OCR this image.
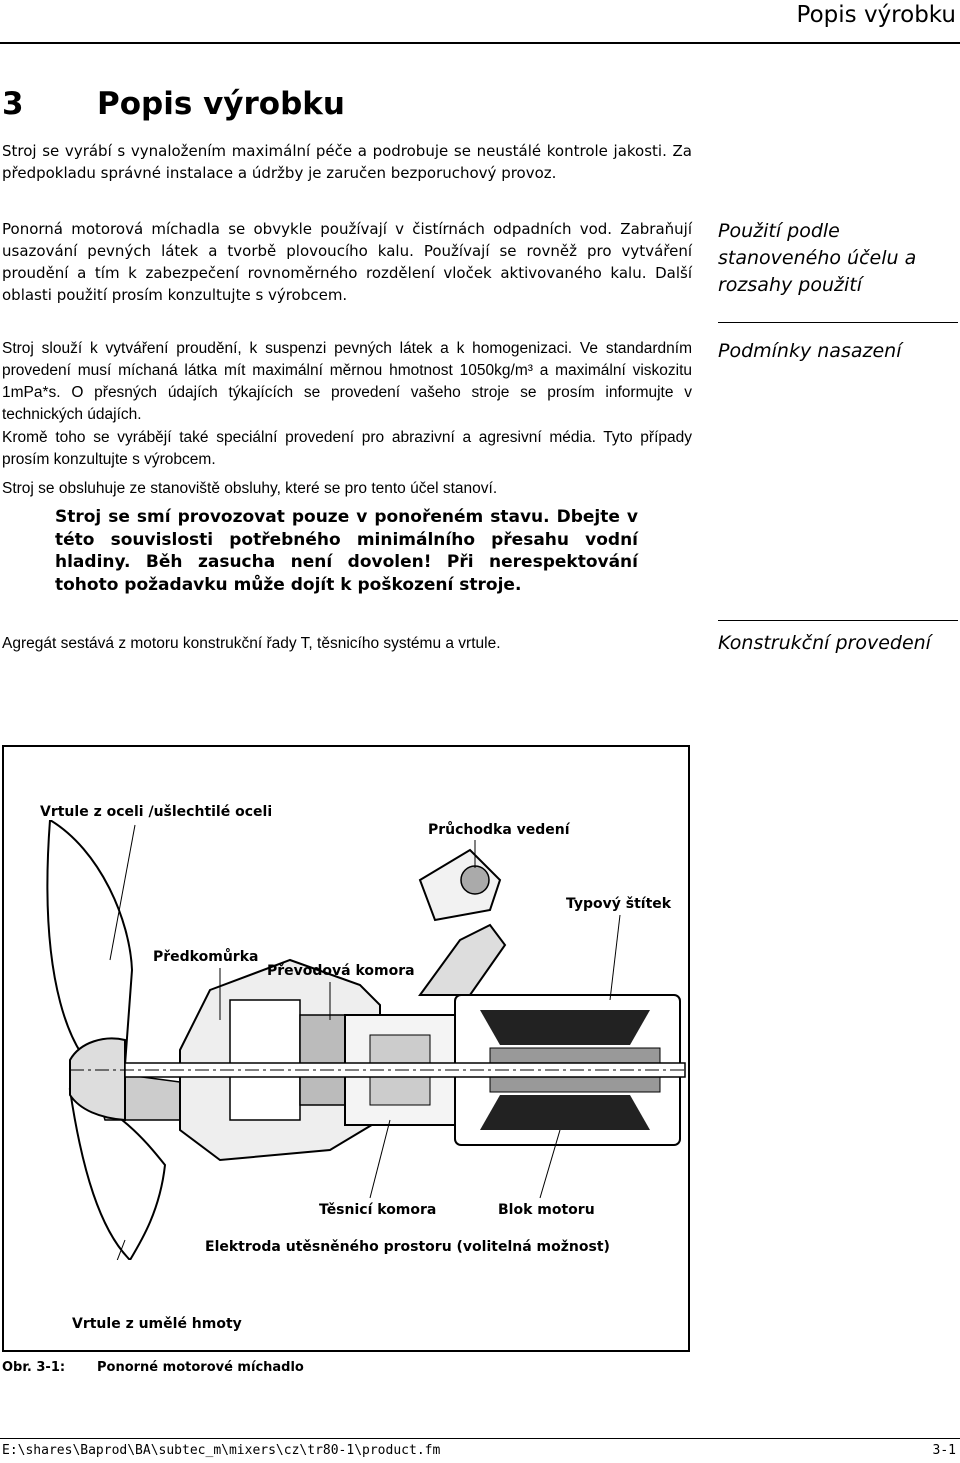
Popis výrobku
3 Popis výrobku
Stroj se vyrábí s vynaložením maximální péče a podrobuje se neustálé kontrole jakosti. Za předpokladu správné instalace a údržby je zaručen bezporuchový provoz.
Ponorná motorová míchadla se obvykle používají v čistírnách odpadních vod. Zabraňují usazování pevných látek a tvorbě plovoucího kalu. Používají se rovněž pro vytváření proudění a tím k zabezpečení rovnoměrného rozdělení vloček aktivovaného kalu. Další oblasti použití prosím konzultujte s výrobcem.
Použití podle stanoveného účelu a rozsahy použití
Stroj slouží k vytváření proudění, k suspenzi pevných látek a k homogenizaci. Ve standardním provedení musí míchaná látka mít maximální měrnou hmotnost 1050kg/m³ a maximální viskozitu 1mPa*s. O přesných údajích týkajících se provedení vašeho stroje se prosím informujte v technických údajích.
Podmínky nasazení
Kromě toho se vyrábějí také speciální provedení pro abrazivní a agresivní média. Tyto případy prosím konzultujte s výrobcem.
Stroj se obsluhuje ze stanoviště obsluhy, které se pro tento účel stanoví.
Stroj se smí provozovat pouze v ponořeném stavu. Dbejte v této souvislosti potřebného minimálního přesahu vodní hladiny. Běh zasucha není dovolen! Při nerespektování tohoto požadavku může dojít k poškození stroje.
Agregát sestává z motoru konstrukční řady T, těsnicího systému a vrtule.	Konstrukční provedení
Vrtule z oceli /ušlechtilé oceli
Průchodka vedení
Typový štítek
Předkomůrka
Převodová komora
Těsnicí komora	Blok motoru
Elektroda utěsněného prostoru (volitelná možnost)
Vrtule z umělé hmoty
Obr. 3-1: Ponorné motorové míchadlo
E:\shares\Baprod\BA\subtec_m\mixers\cz\tr80-1\product.fm	3-1
